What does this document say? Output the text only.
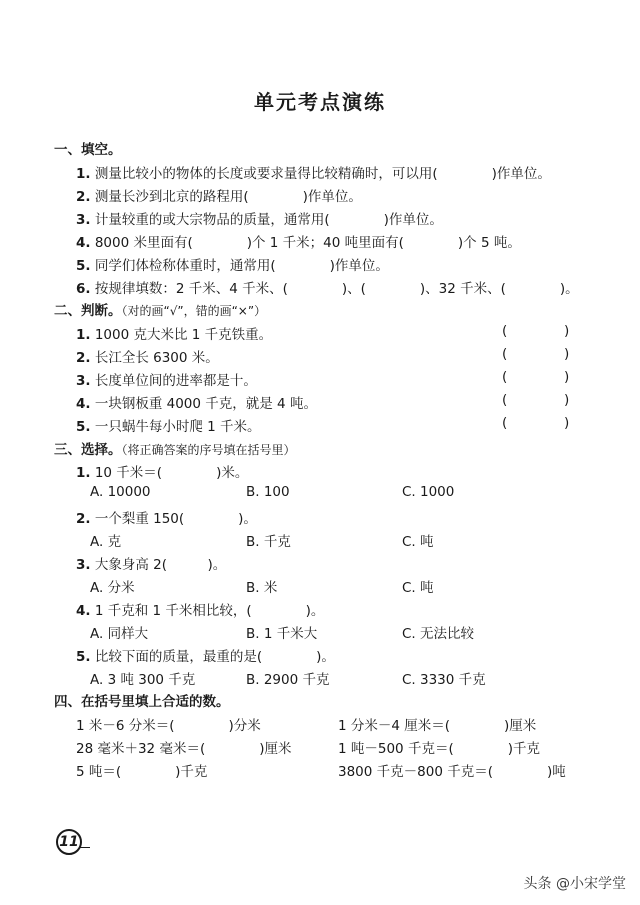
单元考点演练
一、填空。
1. 测量比较小的物体的长度或要求量得比较精确时，可以用(　　　　)作单位。
2. 测量长沙到北京的路程用(　　　　)作单位。
3. 计量较重的或大宗物品的质量，通常用(　　　　)作单位。
4. 8000 米里面有(　　　　)个 1 千米；40 吨里面有(　　　　)个 5 吨。
5. 同学们体检称体重时，通常用(　　　　)作单位。
6. 按规律填数：2 千米、4 千米、(　　　　)、(　　　　)、32 千米、(　　　　)。
二、判断。（对的画“√”，错的画“×”）
1. 1000 克大米比 1 千克铁重。	(	)
2. 长江全长 6300 米。	(	)
3. 长度单位间的进率都是十。	(	)
4. 一块钢板重 4000 千克，就是 4 吨。	(	)
5. 一只蜗牛每小时爬 1 千米。	(	)
三、选择。（将正确答案的序号填在括号里）
1. 10 千米＝(　　　　)米。
A. 10000	B. 100	C. 1000
2. 一个梨重 150(　　　　)。
A. 克	B. 千克	C. 吨
3. 大象身高 2(　　　)。
A. 分米	B. 米	C. 吨
4. 1 千克和 1 千米相比较，(　　　　)。
A. 同样大	B. 1 千米大	C. 无法比较
5. 比较下面的质量，最重的是(　　　　)。
A. 3 吨 300 千克	B. 2900 千克	C. 3330 千克
四、在括号里填上合适的数。
1 米－6 分米＝(　　　　)分米	1 分米－4 厘米＝(　　　　)厘米
28 毫米＋32 毫米＝(　　　　)厘米	1 吨－500 千克＝(　　　　)千克
5 吨＝(　　　　)千克	3800 千克－800 千克＝(　　　　)吨
11
头条 @小宋学堂
